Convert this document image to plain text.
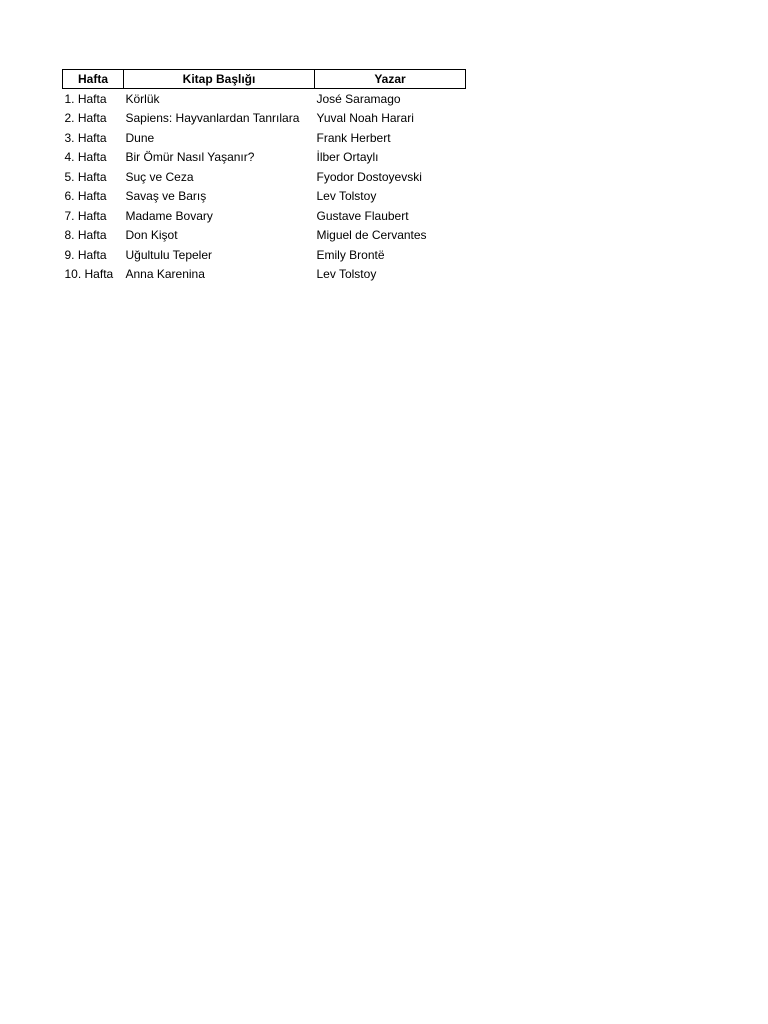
Hafta	Kitap Başlığı	Yazar
1. Hafta	Körlük	José Saramago
2. Hafta	Sapiens: Hayvanlardan Tanrılara	Yuval Noah Harari
3. Hafta	Dune	Frank Herbert
4. Hafta	Bir Ömür Nasıl Yaşanır?	İlber Ortaylı
5. Hafta	Suç ve Ceza	Fyodor Dostoyevski
6. Hafta	Savaş ve Barış	Lev Tolstoy
7. Hafta	Madame Bovary	Gustave Flaubert
8. Hafta	Don Kişot	Miguel de Cervantes
9. Hafta	Uğultulu Tepeler	Emily Brontë
10. Hafta	Anna Karenina	Lev Tolstoy
